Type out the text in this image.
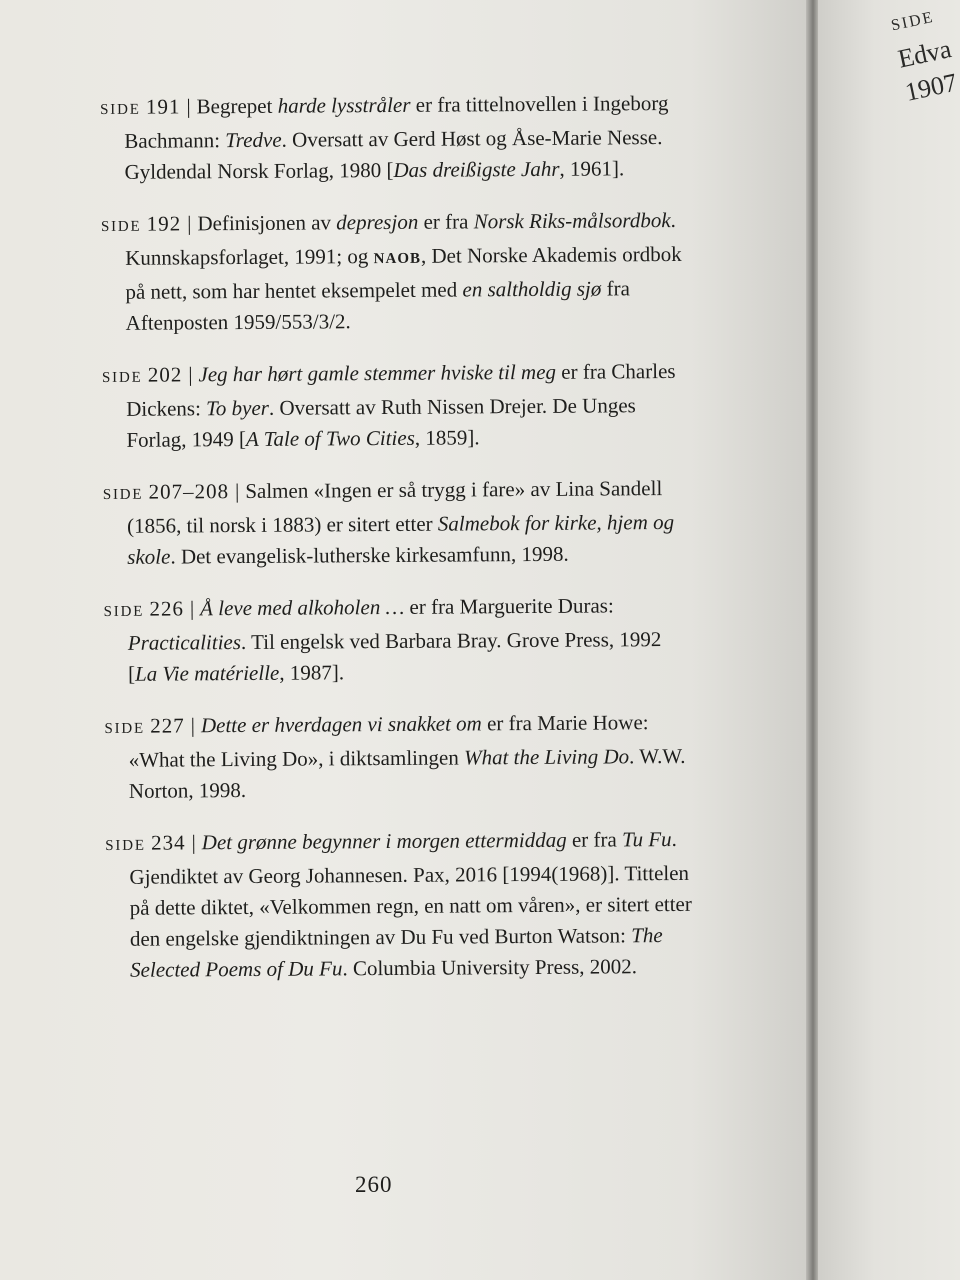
SIDE
Edva
1907

SIDE 191 | Begrepet harde lysstråler er fra tittelnovellen i Ingeborg Bachmann: Tredve. Oversatt av Gerd Høst og Åse-Marie Nesse. Gyldendal Norsk Forlag, 1980 [Das dreißigste Jahr, 1961].

SIDE 192 | Definisjonen av depresjon er fra Norsk Riks-målsordbok. Kunnskapsforlaget, 1991; og NAOB, Det Norske Akademis ordbok på nett, som har hentet eksempelet med en saltholdig sjø fra Aftenposten 1959/553/3/2.

SIDE 202 | Jeg har hørt gamle stemmer hviske til meg er fra Charles Dickens: To byer. Oversatt av Ruth Nissen Drejer. De Unges Forlag, 1949 [A Tale of Two Cities, 1859].

SIDE 207–208 | Salmen «Ingen er så trygg i fare» av Lina Sandell (1856, til norsk i 1883) er sitert etter Salmebok for kirke, hjem og skole. Det evangelisk-lutherske kirkesamfunn, 1998.

SIDE 226 | Å leve med alkoholen … er fra Marguerite Duras: Practicalities. Til engelsk ved Barbara Bray. Grove Press, 1992 [La Vie matérielle, 1987].

SIDE 227 | Dette er hverdagen vi snakket om er fra Marie Howe: «What the Living Do», i diktsamlingen What the Living Do. W.W. Norton, 1998.

SIDE 234 | Det grønne begynner i morgen ettermiddag er fra Tu Fu. Gjendiktet av Georg Johannesen. Pax, 2016 [1994(1968)]. Tittelen på dette diktet, «Velkommen regn, en natt om våren», er sitert etter den engelske gjendiktningen av Du Fu ved Burton Watson: The Selected Poems of Du Fu. Columbia University Press, 2002.

260
